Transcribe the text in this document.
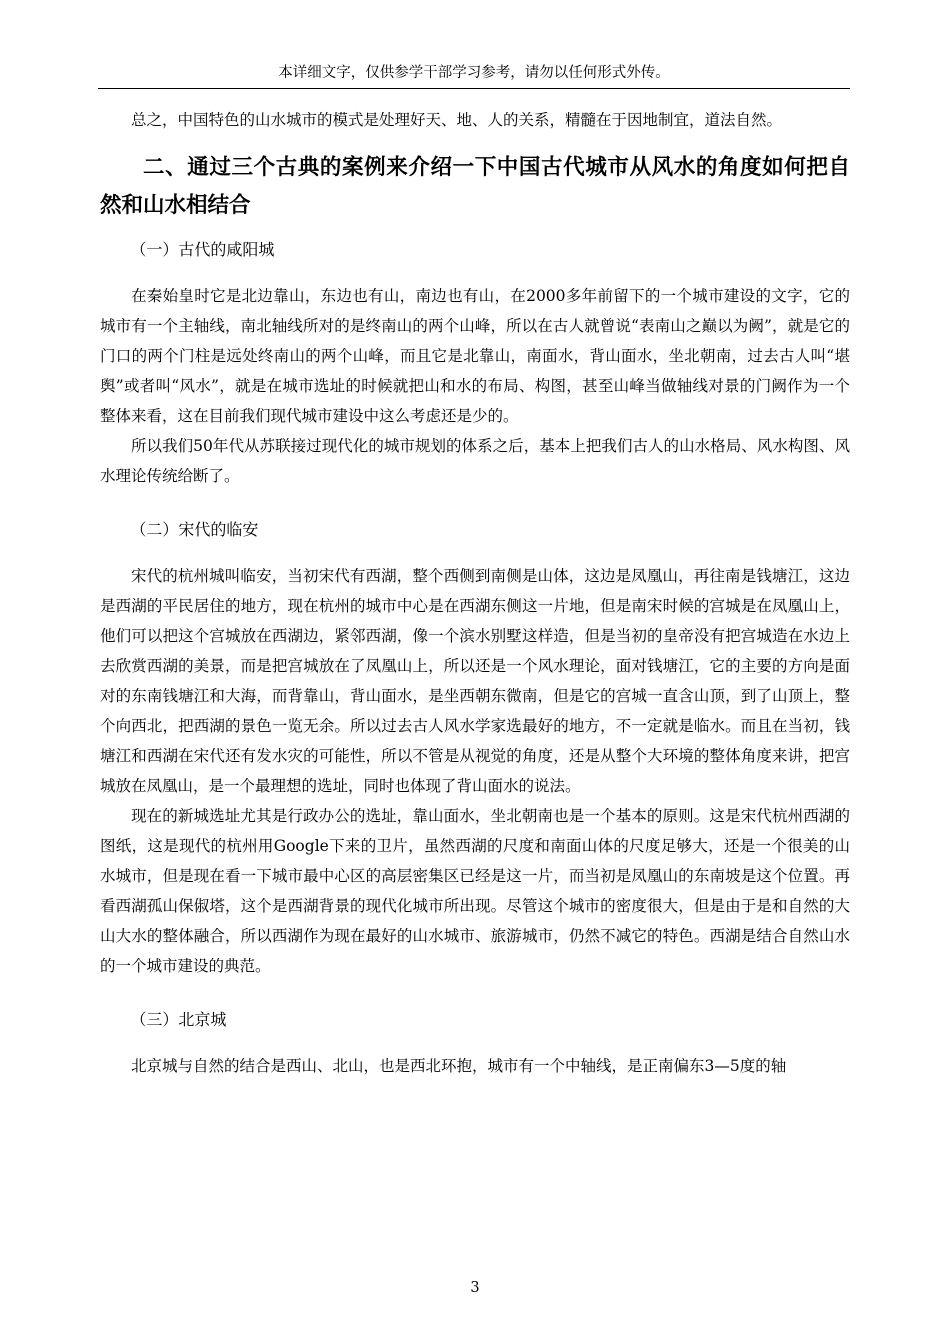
本详细文字，仅供参学干部学习参考，请勿以任何形式外传。

总之，中国特色的山水城市的模式是处理好天、地、人的关系，精髓在于因地制宜，道法自然。

二、通过三个古典的案例来介绍一下中国古代城市从风水的角度如何把自然和山水相结合
（一）古代的咸阳城

在秦始皇时它是北边靠山，东边也有山，南边也有山，在2000多年前留下的一个城市建设的文字，它的城市有一个主轴线，南北轴线所对的是终南山的两个山峰，所以在古人就曾说“表南山之巅以为阙”，就是它的门口的两个门柱是远处终南山的两个山峰，而且它是北靠山，南面水，背山面水，坐北朝南，过去古人叫“堪舆”或者叫“风水”，就是在城市选址的时候就把山和水的布局、构图，甚至山峰当做轴线对景的门阙作为一个整体来看，这在目前我们现代城市建设中这么考虑还是少的。

所以我们50年代从苏联接过现代化的城市规划的体系之后，基本上把我们古人的山水格局、风水构图、风水理论传统给断了。

（二）宋代的临安

宋代的杭州城叫临安，当初宋代有西湖，整个西侧到南侧是山体，这边是凤凰山，再往南是钱塘江，这边是西湖的平民居住的地方，现在杭州的城市中心是在西湖东侧这一片地，但是南宋时候的宫城是在凤凰山上，他们可以把这个宫城放在西湖边，紧邻西湖，像一个滨水别墅这样造，但是当初的皇帝没有把宫城造在水边上去欣赏西湖的美景，而是把宫城放在了凤凰山上，所以还是一个风水理论，面对钱塘江，它的主要的方向是面对的东南钱塘江和大海，而背靠山，背山面水，是坐西朝东微南，但是它的宫城一直含山顶，到了山顶上，整个向西北，把西湖的景色一览无余。所以过去古人风水学家选最好的地方，不一定就是临水。而且在当初，钱塘江和西湖在宋代还有发水灾的可能性，所以不管是从视觉的角度，还是从整个大环境的整体角度来讲，把宫城放在凤凰山，是一个最理想的选址，同时也体现了背山面水的说法。

现在的新城选址尤其是行政办公的选址，靠山面水，坐北朝南也是一个基本的原则。这是宋代杭州西湖的图纸，这是现代的杭州用Google下来的卫片，虽然西湖的尺度和南面山体的尺度足够大，还是一个很美的山水城市，但是现在看一下城市最中心区的高层密集区已经是这一片，而当初是凤凰山的东南坡是这个位置。再看西湖孤山保俶塔，这个是西湖背景的现代化城市所出现。尽管这个城市的密度很大，但是由于是和自然的大山大水的整体融合，所以西湖作为现在最好的山水城市、旅游城市，仍然不减它的特色。西湖是结合自然山水的一个城市建设的典范。

（三）北京城

北京城与自然的结合是西山、北山，也是西北环抱，城市有一个中轴线，是正南偏东3—5度的轴

3
